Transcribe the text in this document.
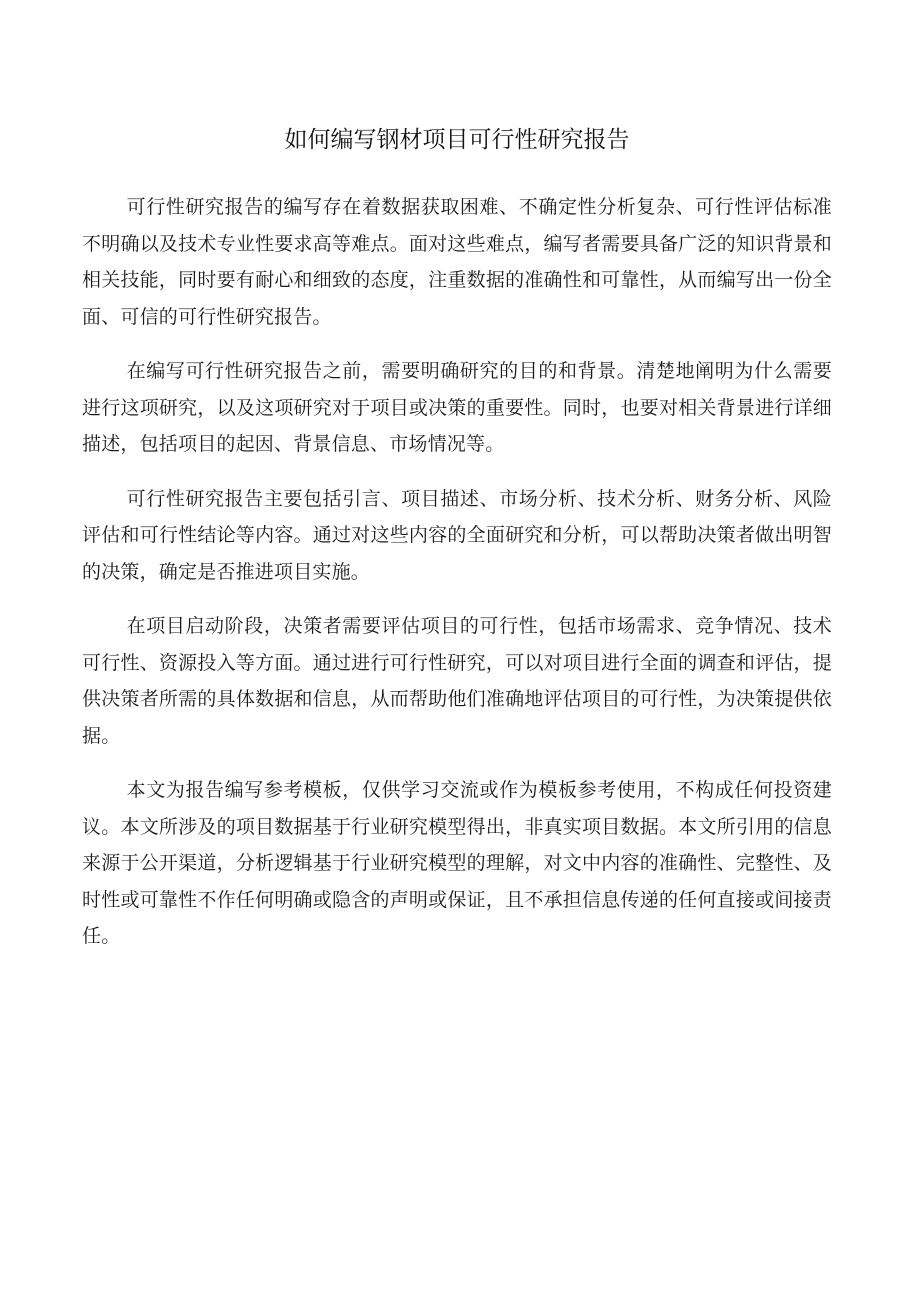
如何编写钢材项目可行性研究报告

可行性研究报告的编写存在着数据获取困难、不确定性分析复杂、可行性评估标准不明确以及技术专业性要求高等难点。面对这些难点，编写者需要具备广泛的知识背景和相关技能，同时要有耐心和细致的态度，注重数据的准确性和可靠性，从而编写出一份全面、可信的可行性研究报告。

在编写可行性研究报告之前，需要明确研究的目的和背景。清楚地阐明为什么需要进行这项研究，以及这项研究对于项目或决策的重要性。同时，也要对相关背景进行详细描述，包括项目的起因、背景信息、市场情况等。

可行性研究报告主要包括引言、项目描述、市场分析、技术分析、财务分析、风险评估和可行性结论等内容。通过对这些内容的全面研究和分析，可以帮助决策者做出明智的决策，确定是否推进项目实施。

在项目启动阶段，决策者需要评估项目的可行性，包括市场需求、竞争情况、技术可行性、资源投入等方面。通过进行可行性研究，可以对项目进行全面的调查和评估，提供决策者所需的具体数据和信息，从而帮助他们准确地评估项目的可行性，为决策提供依据。

本文为报告编写参考模板，仅供学习交流或作为模板参考使用，不构成任何投资建议。本文所涉及的项目数据基于行业研究模型得出，非真实项目数据。本文所引用的信息来源于公开渠道，分析逻辑基于行业研究模型的理解，对文中内容的准确性、完整性、及时性或可靠性不作任何明确或隐含的声明或保证，且不承担信息传递的任何直接或间接责任。
